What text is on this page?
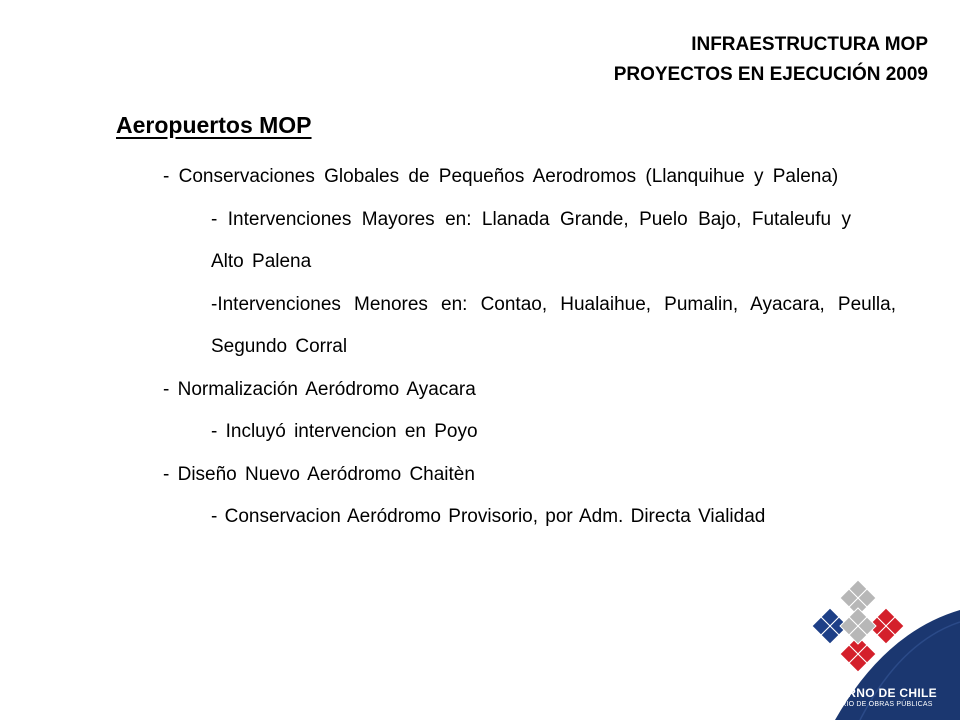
INFRAESTRUCTURA MOP
PROYECTOS EN EJECUCIÓN 2009
Aeropuertos MOP
- Conservaciones Globales de Pequeños Aerodromos (Llanquihue y Palena)
- Intervenciones Mayores en: Llanada Grande, Puelo Bajo, Futaleufu y Alto Palena
-Intervenciones Menores en: Contao, Hualaihue, Pumalin, Ayacara, Peulla, Segundo Corral
- Normalización Aeródromo Ayacara
- Incluyó intervencion en Poyo
- Diseño Nuevo Aeródromo Chaitèn
- Conservacion Aeródromo Provisorio, por Adm. Directa Vialidad
GOBIERNO DE CHILE
MINISTERIO DE OBRAS PÚBLICAS
